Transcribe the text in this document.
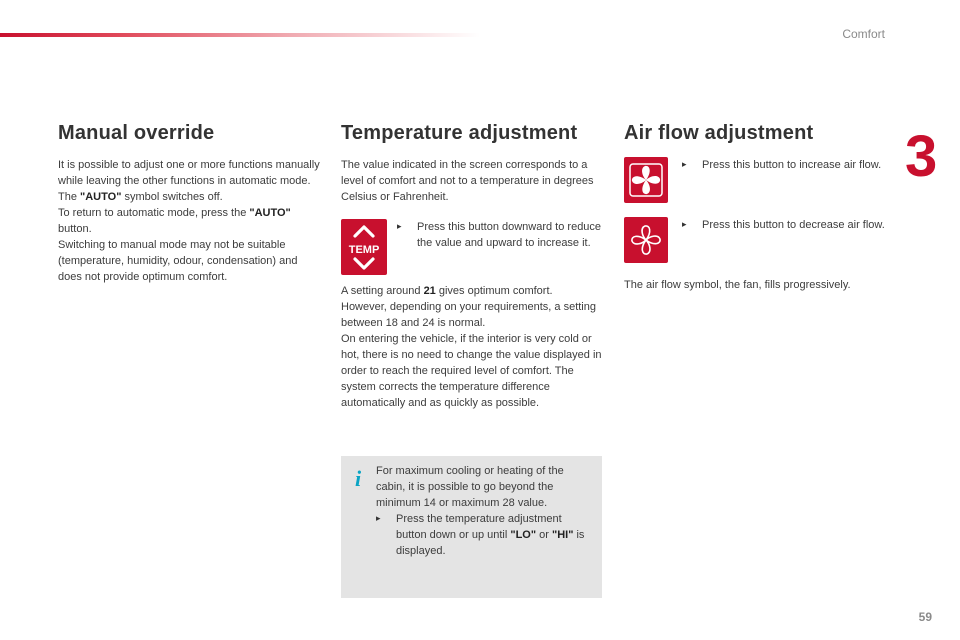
Comfort
3
59
Manual override

It is possible to adjust one or more functions manually while leaving the other functions in automatic mode.
The "AUTO" symbol switches off.
To return to automatic mode, press the "AUTO" button.
Switching to manual mode may not be suitable (temperature, humidity, odour, condensation) and does not provide optimum comfort.

Temperature adjustment

The value indicated in the screen corresponds to a level of comfort and not to a temperature in degrees Celsius or Fahrenheit.

TEMP
▸	Press this button downward to reduce the value and upward to increase it.

A setting around 21 gives optimum comfort.
However, depending on your requirements, a setting between 18 and 24 is normal.
On entering the vehicle, if the interior is very cold or hot, there is no need to change the value displayed in order to reach the required level of comfort. The system corrects the temperature difference automatically and as quickly as possible.

Air flow adjustment
▸	Press this button to increase air flow.

▸	Press this button to decrease air flow.

The air flow symbol, the fan, fills progressively.

i For maximum cooling or heating of the cabin, it is possible to go beyond the minimum 14 or maximum 28 value.

▸	Press the temperature adjustment button down or up until "LO" or "HI" is displayed.
